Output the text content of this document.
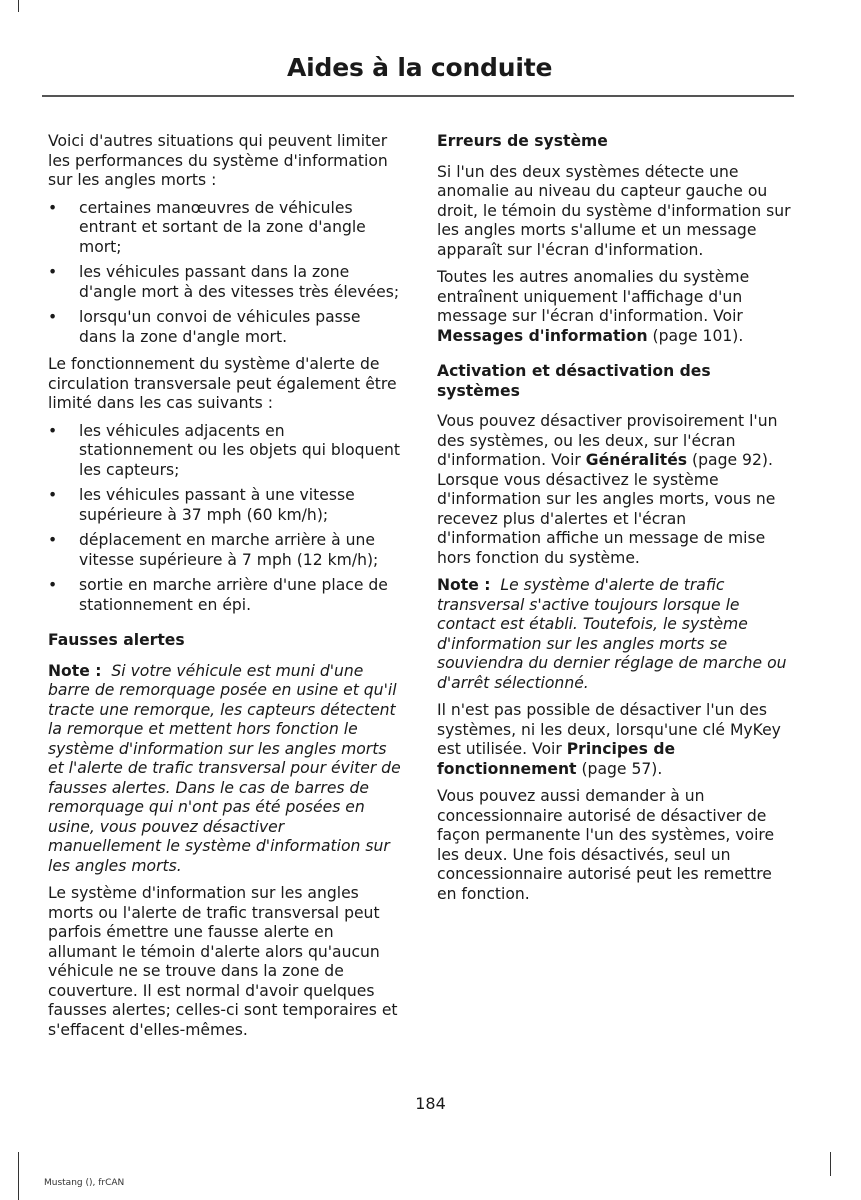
Aides à la conduite

Voici d'autres situations qui peuvent limiter les performances du système d'information sur les angles morts :

•	certaines manœuvres de véhicules entrant et sortant de la zone d'angle mort;
•	les véhicules passant dans la zone d'angle mort à des vitesses très élevées;
•	lorsqu'un convoi de véhicules passe dans la zone d'angle mort.

Le fonctionnement du système d'alerte de circulation transversale peut également être limité dans les cas suivants :

•	les véhicules adjacents en stationnement ou les objets qui bloquent les capteurs;
•	les véhicules passant à une vitesse supérieure à 37 mph (60 km/h);
•	déplacement en marche arrière à une vitesse supérieure à 7 mph (12 km/h);
•	sortie en marche arrière d'une place de stationnement en épi.
Fausses alertes

Note : Si votre véhicule est muni d'une barre de remorquage posée en usine et qu'il tracte une remorque, les capteurs détectent la remorque et mettent hors fonction le système d'information sur les angles morts et l'alerte de trafic transversal pour éviter de fausses alertes. Dans le cas de barres de remorquage qui n'ont pas été posées en usine, vous pouvez désactiver manuellement le système d'information sur les angles morts.

Le système d'information sur les angles morts ou l'alerte de trafic transversal peut parfois émettre une fausse alerte en allumant le témoin d'alerte alors qu'aucun véhicule ne se trouve dans la zone de couverture. Il est normal d'avoir quelques fausses alertes; celles-ci sont temporaires et s'effacent d'elles-mêmes.

Erreurs de système

Si l'un des deux systèmes détecte une anomalie au niveau du capteur gauche ou droit, le témoin du système d'information sur les angles morts s'allume et un message apparaît sur l'écran d'information.

Toutes les autres anomalies du système entraînent uniquement l'affichage d'un message sur l'écran d'information. Voir Messages d'information (page 101).

Activation et désactivation des systèmes

Vous pouvez désactiver provisoirement l'un des systèmes, ou les deux, sur l'écran d'information. Voir Généralités (page 92). Lorsque vous désactivez le système d'information sur les angles morts, vous ne recevez plus d'alertes et l'écran d'information affiche un message de mise hors fonction du système.

Note : Le système d'alerte de trafic transversal s'active toujours lorsque le contact est établi. Toutefois, le système d'information sur les angles morts se souviendra du dernier réglage de marche ou d'arrêt sélectionné.

Il n'est pas possible de désactiver l'un des systèmes, ni les deux, lorsqu'une clé MyKey est utilisée. Voir Principes de fonctionnement (page 57).

Vous pouvez aussi demander à un concessionnaire autorisé de désactiver de façon permanente l'un des systèmes, voire les deux. Une fois désactivés, seul un concessionnaire autorisé peut les remettre en fonction.

184
Mustang (), frCAN
